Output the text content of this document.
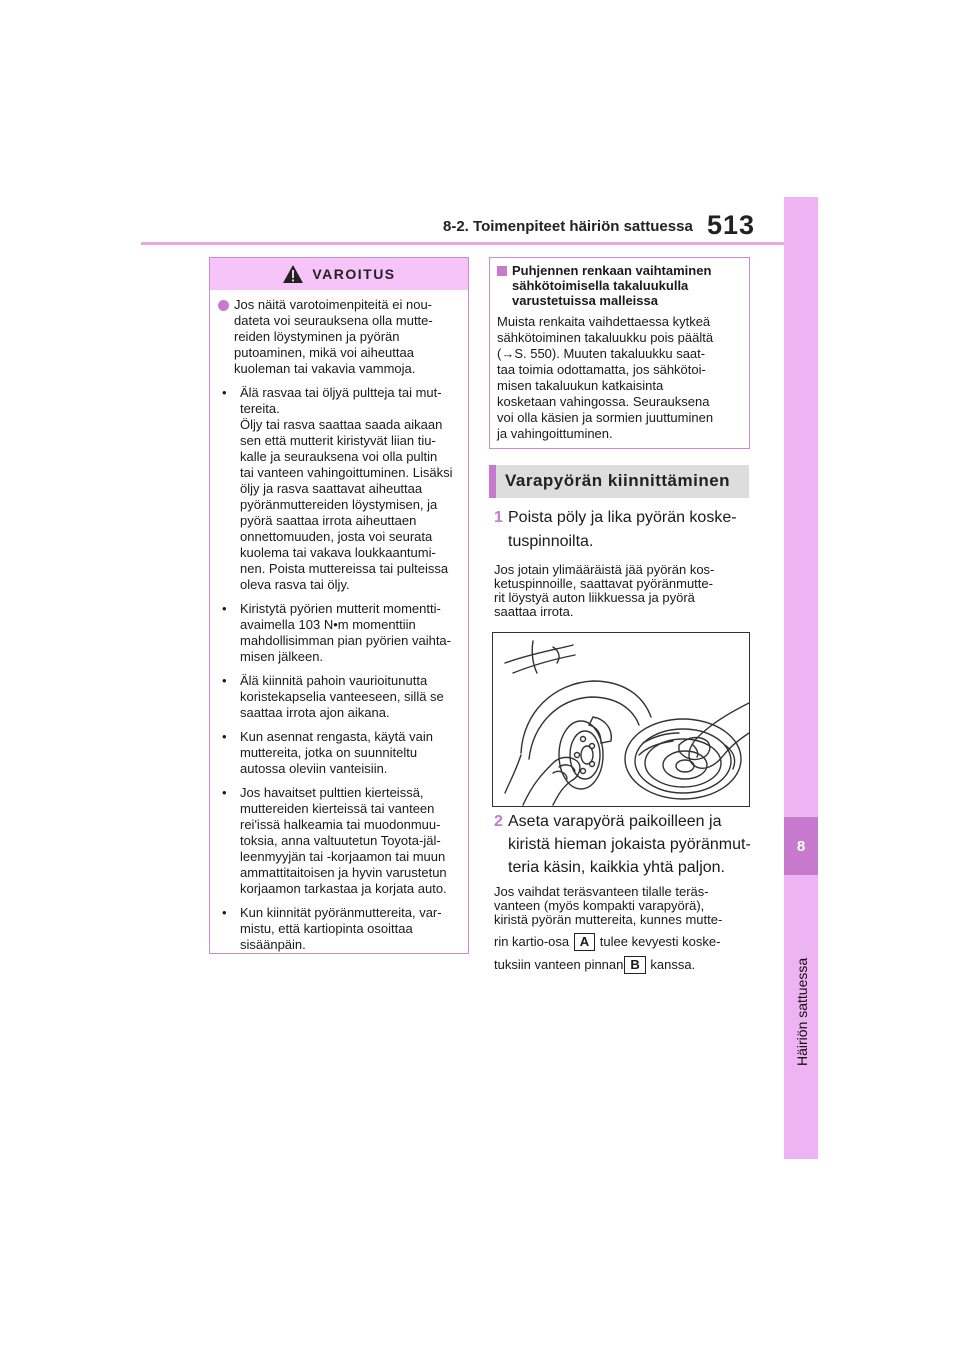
8-2. Toimenpiteet häiriön sattuessa 513
8
Häiriön sattuessa
VAROITUS
Jos näitä varotoimenpiteitä ei nou-
dateta voi seurauksena olla mutte-
reiden löystyminen ja pyörän
putoaminen, mikä voi aiheuttaa
kuoleman tai vakavia vammoja.
•	Älä rasvaa tai öljyä pultteja tai mut-
tereita.
Öljy tai rasva saattaa saada aikaan
sen että mutterit kiristyvät liian tiu-
kalle ja seurauksena voi olla pultin
tai vanteen vahingoittuminen. Lisäksi
öljy ja rasva saattavat aiheuttaa
pyöränmuttereiden löystymisen, ja
pyörä saattaa irrota aiheuttaen
onnettomuuden, josta voi seurata
kuolema tai vakava loukkaantumi-
nen. Poista muttereissa tai pulteissa
oleva rasva tai öljy.
•	Kiristytä pyörien mutterit momentti-
avaimella 103 N•m momenttiin
mahdollisimman pian pyörien vaihta-
misen jälkeen.
•	Älä kiinnitä pahoin vaurioitunutta
koristekapselia vanteeseen, sillä se
saattaa irrota ajon aikana.
•	Kun asennat rengasta, käytä vain
muttereita, jotka on suunniteltu
autossa oleviin vanteisiin.
•	Jos havaitset pulttien kierteissä,
muttereiden kierteissä tai vanteen
rei'issä halkeamia tai muodonmuu-
toksia, anna valtuutetun Toyota-jäl-
leenmyyjän tai -korjaamon tai muun
ammattitaitoisen ja hyvin varustetun
korjaamon tarkastaa ja korjata auto.
•	Kun kiinnität pyöränmuttereita, var-
mistu, että kartiopinta osoittaa
sisäänpäin.
Puhjennen renkaan vaihtaminen
sähkötoimisella takaluukulla
varustetuissa malleissa
Muista renkaita vaihdettaessa kytkeä
sähkötoiminen takaluukku pois päältä
(→S. 550). Muuten takaluukku saat-
taa toimia odottamatta, jos sähkötoi-
misen takaluukun katkaisinta
kosketaan vahingossa. Seurauksena
voi olla käsien ja sormien juuttuminen
ja vahingoittuminen.
Varapyörän kiinnittäminen
1 Poista pöly ja lika pyörän koske-
tuspinnoilta.
Jos jotain ylimääräistä jää pyörän kos-
ketuspinnoille, saattavat pyöränmutte-
rit löystyä auton liikkuessa ja pyörä
saattaa irrota.
2 Aseta varapyörä paikoilleen ja
kiristä hieman jokaista pyöränmut-
teria käsin, kaikkia yhtä paljon.
Jos vaihdat teräsvanteen tilalle teräs-
vanteen (myös kompakti varapyörä),
kiristä pyörän muttereita, kunnes mutte-
rin kartio-osa A tulee kevyesti koske-
tuksiin vanteen pinnan B kanssa.
